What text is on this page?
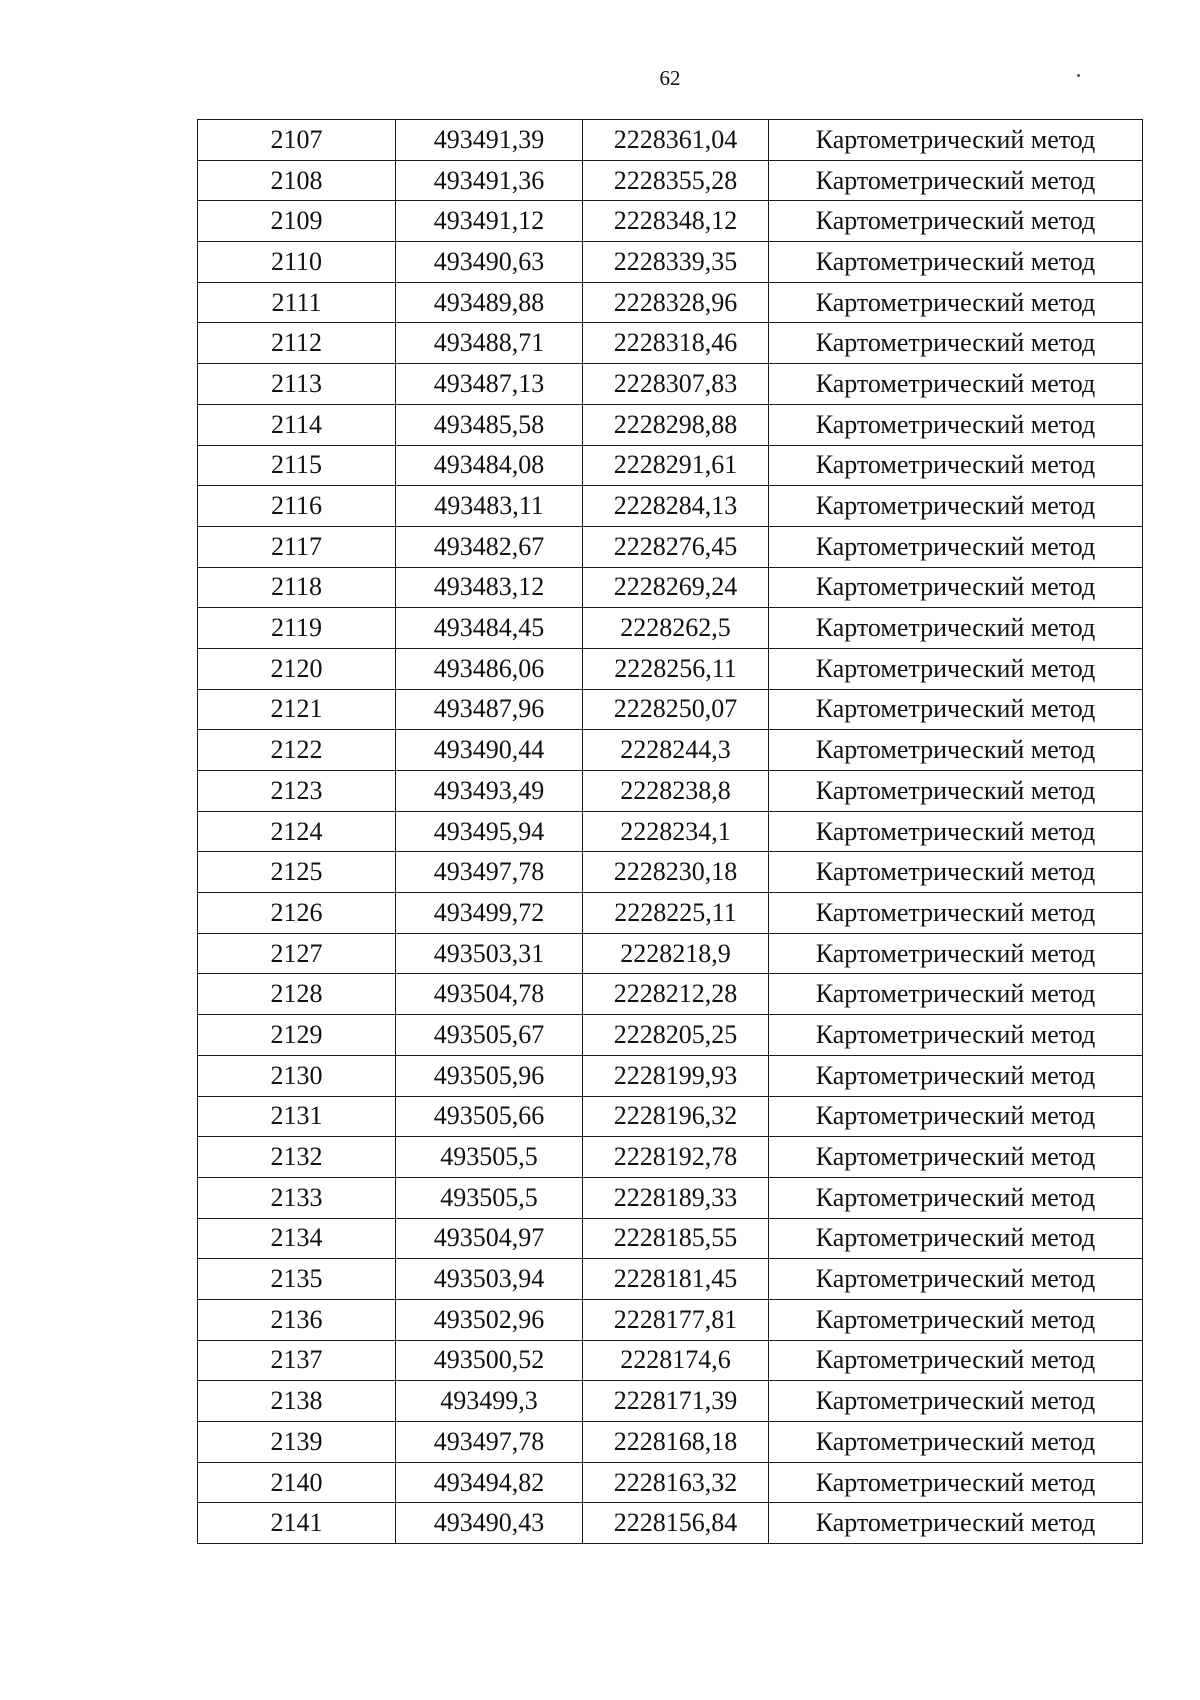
62
2107	493491,39	2228361,04	Картометрический метод
2108	493491,36	2228355,28	Картометрический метод
2109	493491,12	2228348,12	Картометрический метод
2110	493490,63	2228339,35	Картометрический метод
2111	493489,88	2228328,96	Картометрический метод
2112	493488,71	2228318,46	Картометрический метод
2113	493487,13	2228307,83	Картометрический метод
2114	493485,58	2228298,88	Картометрический метод
2115	493484,08	2228291,61	Картометрический метод
2116	493483,11	2228284,13	Картометрический метод
2117	493482,67	2228276,45	Картометрический метод
2118	493483,12	2228269,24	Картометрический метод
2119	493484,45	2228262,5	Картометрический метод
2120	493486,06	2228256,11	Картометрический метод
2121	493487,96	2228250,07	Картометрический метод
2122	493490,44	2228244,3	Картометрический метод
2123	493493,49	2228238,8	Картометрический метод
2124	493495,94	2228234,1	Картометрический метод
2125	493497,78	2228230,18	Картометрический метод
2126	493499,72	2228225,11	Картометрический метод
2127	493503,31	2228218,9	Картометрический метод
2128	493504,78	2228212,28	Картометрический метод
2129	493505,67	2228205,25	Картометрический метод
2130	493505,96	2228199,93	Картометрический метод
2131	493505,66	2228196,32	Картометрический метод
2132	493505,5	2228192,78	Картометрический метод
2133	493505,5	2228189,33	Картометрический метод
2134	493504,97	2228185,55	Картометрический метод
2135	493503,94	2228181,45	Картометрический метод
2136	493502,96	2228177,81	Картометрический метод
2137	493500,52	2228174,6	Картометрический метод
2138	493499,3	2228171,39	Картометрический метод
2139	493497,78	2228168,18	Картометрический метод
2140	493494,82	2228163,32	Картометрический метод
2141	493490,43	2228156,84	Картометрический метод
